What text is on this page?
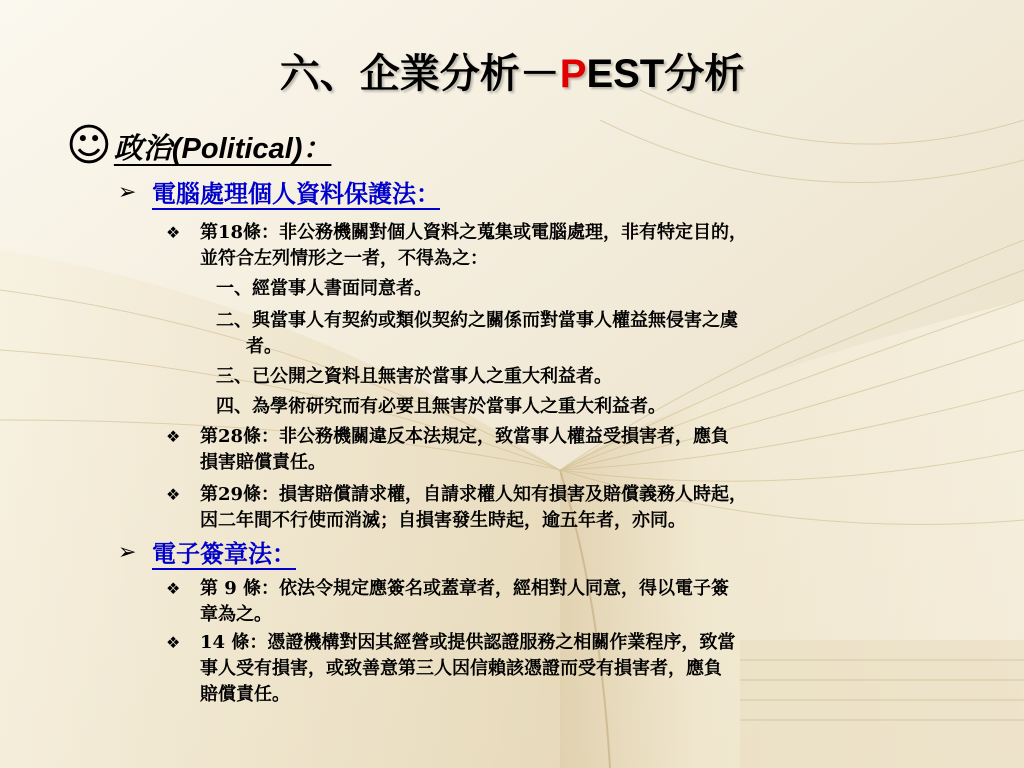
六、企業分析－PEST分析
☺ 政治(Political)：
➢ 電腦處理個人資料保護法：
❖ 第18條：非公務機關對個人資料之蒐集或電腦處理，非有特定目的，
並符合左列情形之一者，不得為之：
一、經當事人書面同意者。
二、與當事人有契約或類似契約之關係而對當事人權益無侵害之虞
者。
三、已公開之資料且無害於當事人之重大利益者。
四、為學術研究而有必要且無害於當事人之重大利益者。
❖ 第28條：非公務機關違反本法規定，致當事人權益受損害者，應負
損害賠償責任。
❖ 第29條：損害賠償請求權，自請求權人知有損害及賠償義務人時起，
因二年間不行使而消滅；自損害發生時起，逾五年者，亦同。
➢ 電子簽章法：
❖ 第 9 條：依法令規定應簽名或蓋章者，經相對人同意，得以電子簽
章為之。
❖ 14 條：憑證機構對因其經營或提供認證服務之相關作業程序，致當
事人受有損害，或致善意第三人因信賴該憑證而受有損害者，應負
賠償責任。
